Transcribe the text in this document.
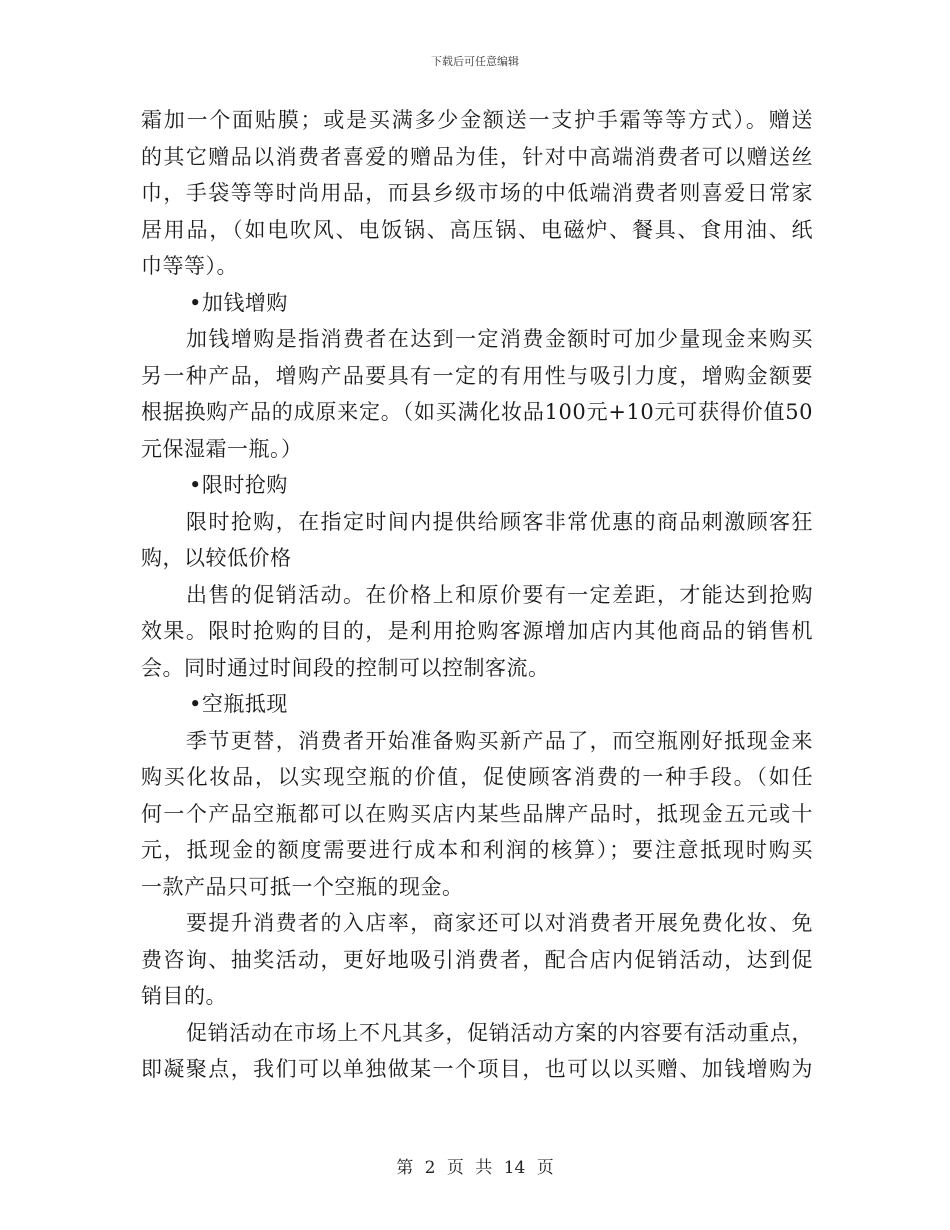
下载后可任意编辑
霜加一个面贴膜；或是买满多少金额送一支护手霜等等方式）。赠送
的其它赠品以消费者喜爱的赠品为佳，针对中高端消费者可以赠送丝
巾，手袋等等时尚用品，而县乡级市场的中低端消费者则喜爱日常家
居用品，（如电吹风、电饭锅、高压锅、电磁炉、餐具、食用油、纸
巾等等）。
•加钱增购
加钱增购是指消费者在达到一定消费金额时可加少量现金来购买
另一种产品，增购产品要具有一定的有用性与吸引力度，增购金额要
根据换购产品的成原来定。（如买满化妆品100元+10元可获得价值50
元保湿霜一瓶。）
•限时抢购
限时抢购，在指定时间内提供给顾客非常优惠的商品刺激顾客狂
购，以较低价格
出售的促销活动。在价格上和原价要有一定差距，才能达到抢购
效果。限时抢购的目的，是利用抢购客源增加店内其他商品的销售机
会。同时通过时间段的控制可以控制客流。
•空瓶抵现
季节更替，消费者开始准备购买新产品了，而空瓶刚好抵现金来
购买化妆品，以实现空瓶的价值，促使顾客消费的一种手段。（如任
何一个产品空瓶都可以在购买店内某些品牌产品时，抵现金五元或十
元，抵现金的额度需要进行成本和利润的核算）；要注意抵现时购买
一款产品只可抵一个空瓶的现金。
要提升消费者的入店率，商家还可以对消费者开展免费化妆、免
费咨询、抽奖活动，更好地吸引消费者，配合店内促销活动，达到促
销目的。
促销活动在市场上不凡其多，促销活动方案的内容要有活动重点，
即凝聚点，我们可以单独做某一个项目，也可以以买赠、加钱增购为
第 2 页 共 14 页
